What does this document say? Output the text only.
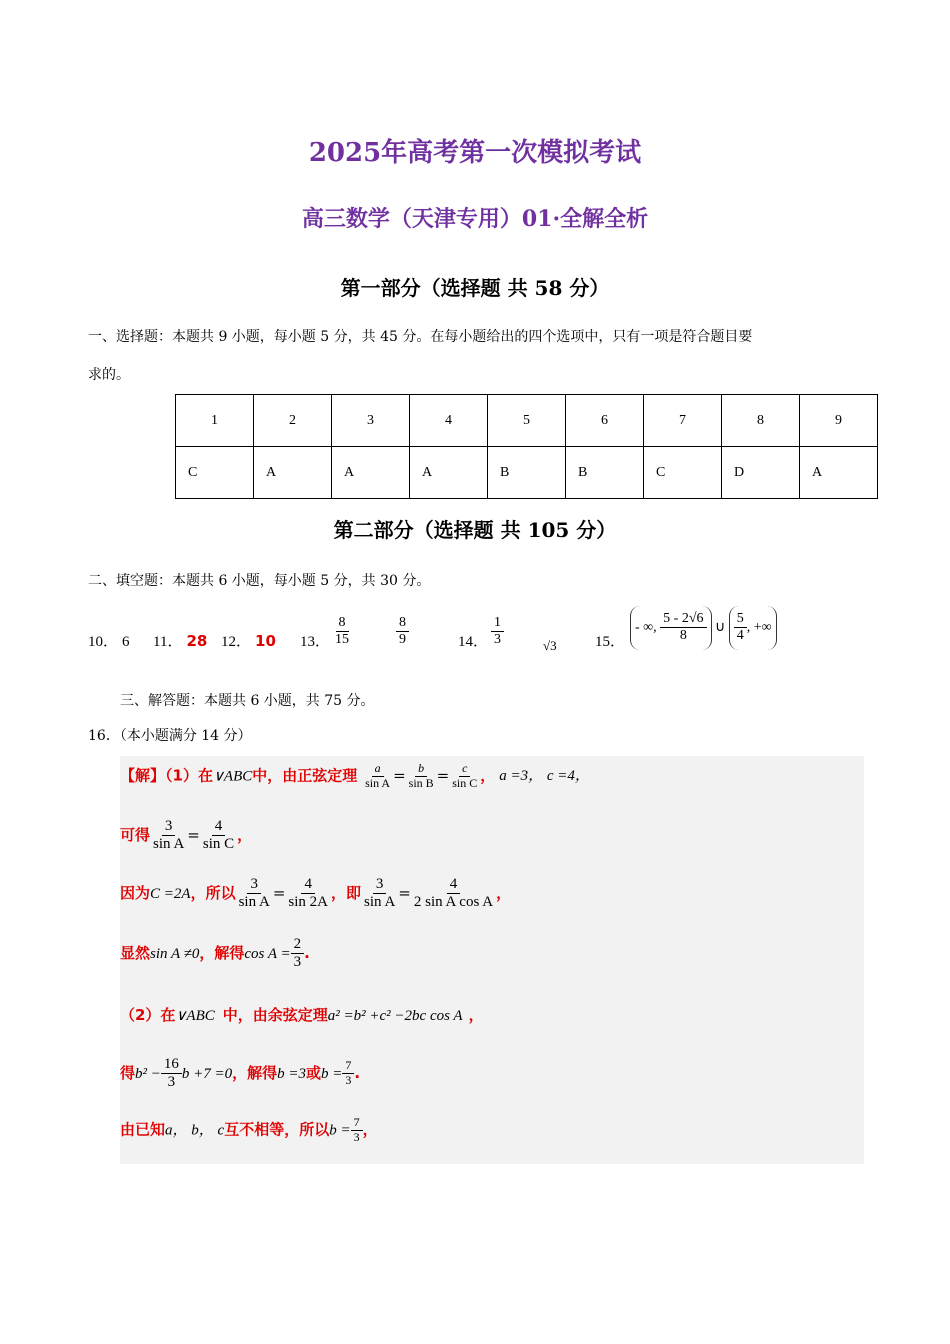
2025年高考第一次模拟考试
高三数学（天津专用）01·全解全析
第一部分（选择题 共 58 分）
一、选择题：本题共 9 小题，每小题 5 分，共 45 分。在每小题给出的四个选项中，只有一项是符合题目要
求的。
1	2	3	4	5	6	7	8	9
C	A	A	A	B	B	C	D	A
第二部分（选择题 共 105 分）
二、填空题：本题共 6 小题，每小题 5 分，共 30 分。
10． 6 11． 28 12． 10 13． $\frac{8}{15}$	$\frac{8}{9}$	14． $\frac{1}{3}$	√3	15．
- ∞, $\frac{5 - 2√6}{8}$ ∪ $\frac{5}{4}$ , +∞
三、解答题：本题共 6 小题，共 75 分。
16．（本小题满分 14 分）
【解】（1）在∨ABC中，由正弦定理 $\frac{a}{\text{sin A}} = \frac{b}{\text{sin B}} = \frac{c}{\text{sin C}}$ ， a =3， c =4，
可得 $\frac{3}{\text{sin A}} = \frac{4}{\text{sin C}}$ ，
因为C =2A，所以 $\frac{3}{\text{sin A}} = \frac{4}{\sin 2A}$ ，即 $\frac{3}{\text{sin A}} = \frac{4}{\text{2 sin A cos A}}$ ，
显然sin A ≠0，解得$\cos A = \frac{2}{3}$ .
（2）在∨ABC 中，由余弦定理a² =b² +c² −2bc cos A ，
得$b^2 - \frac{16}{3}$ b +7 =0，解得b =3或$b = \frac{7}{3}$ .
由已知a， b， c互不相等，所以$b = \frac{7}{3}$ ，
